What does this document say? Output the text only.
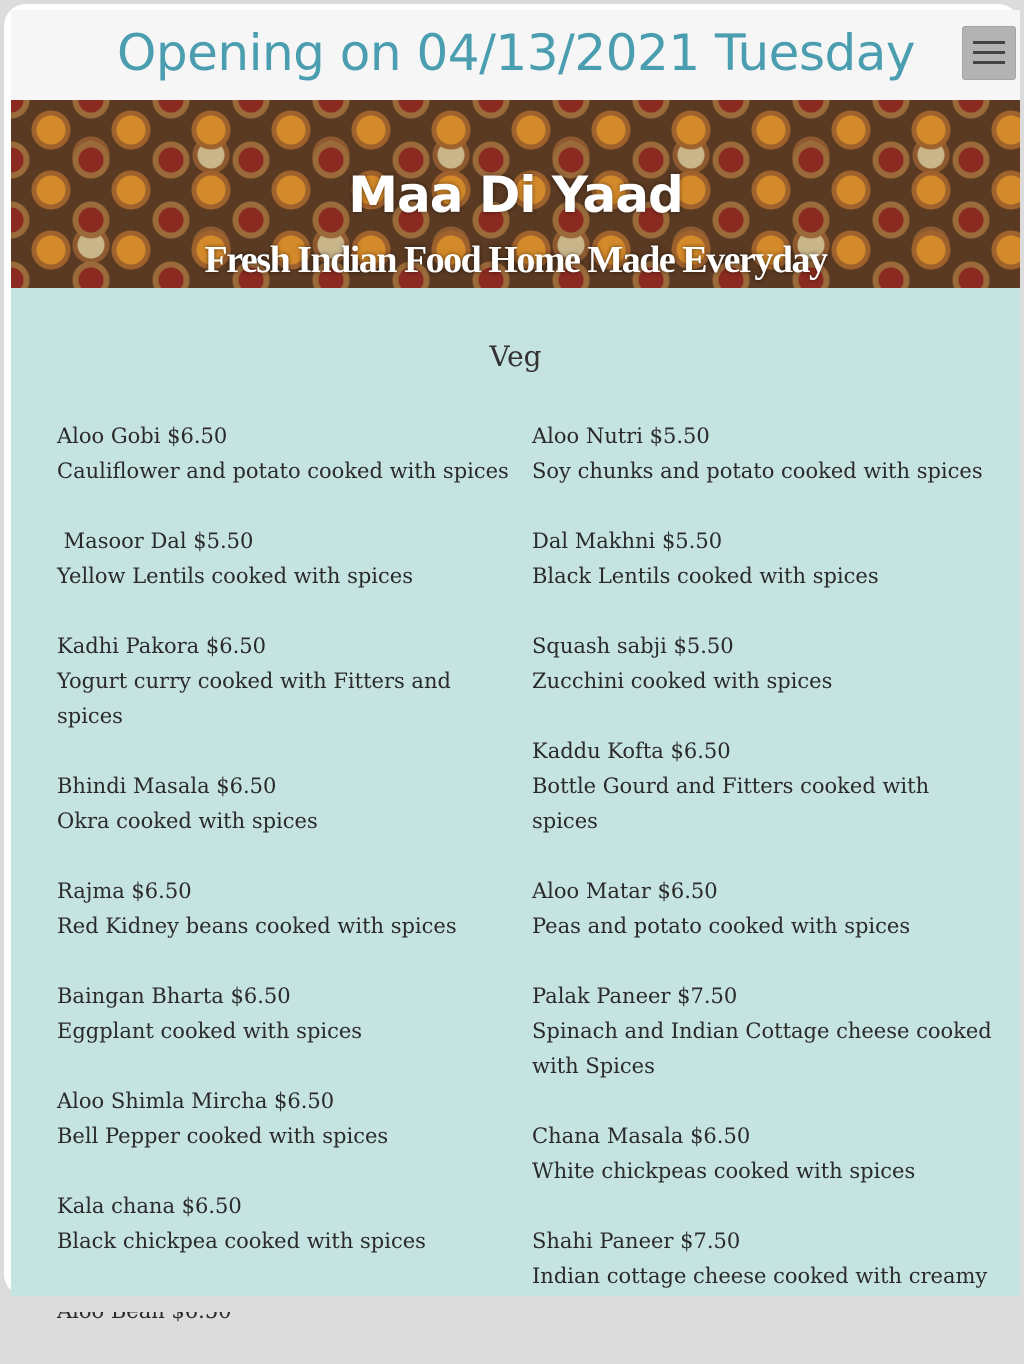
Opening on 04/13/2021 Tuesday
Maa Di Yaad
Fresh Indian Food Home Made Everyday
Veg
Aloo Gobi $6.50
Cauliflower and potato cooked with spices
Masoor Dal $5.50
Yellow Lentils cooked with spices
Kadhi Pakora $6.50
Yogurt curry cooked with Fitters and spices
Bhindi Masala $6.50
Okra cooked with spices
Rajma $6.50
Red Kidney beans cooked with spices
Baingan Bharta $6.50
Eggplant cooked with spices
Aloo Shimla Mircha $6.50
Bell Pepper cooked with spices
Kala chana $6.50
Black chickpea cooked with spices
Aloo Nutri $5.50
Soy chunks and potato cooked with spices
Dal Makhni $5.50
Black Lentils cooked with spices
Squash sabji $5.50
Zucchini cooked with spices
Kaddu Kofta $6.50
Bottle Gourd and Fitters cooked with spices
Aloo Matar $6.50
Peas and potato cooked with spices
Palak Paneer $7.50
Spinach and Indian Cottage cheese cooked with Spices
Chana Masala $6.50
White chickpeas cooked with spices
Shahi Paneer $7.50
Indian cottage cheese cooked with creamy
